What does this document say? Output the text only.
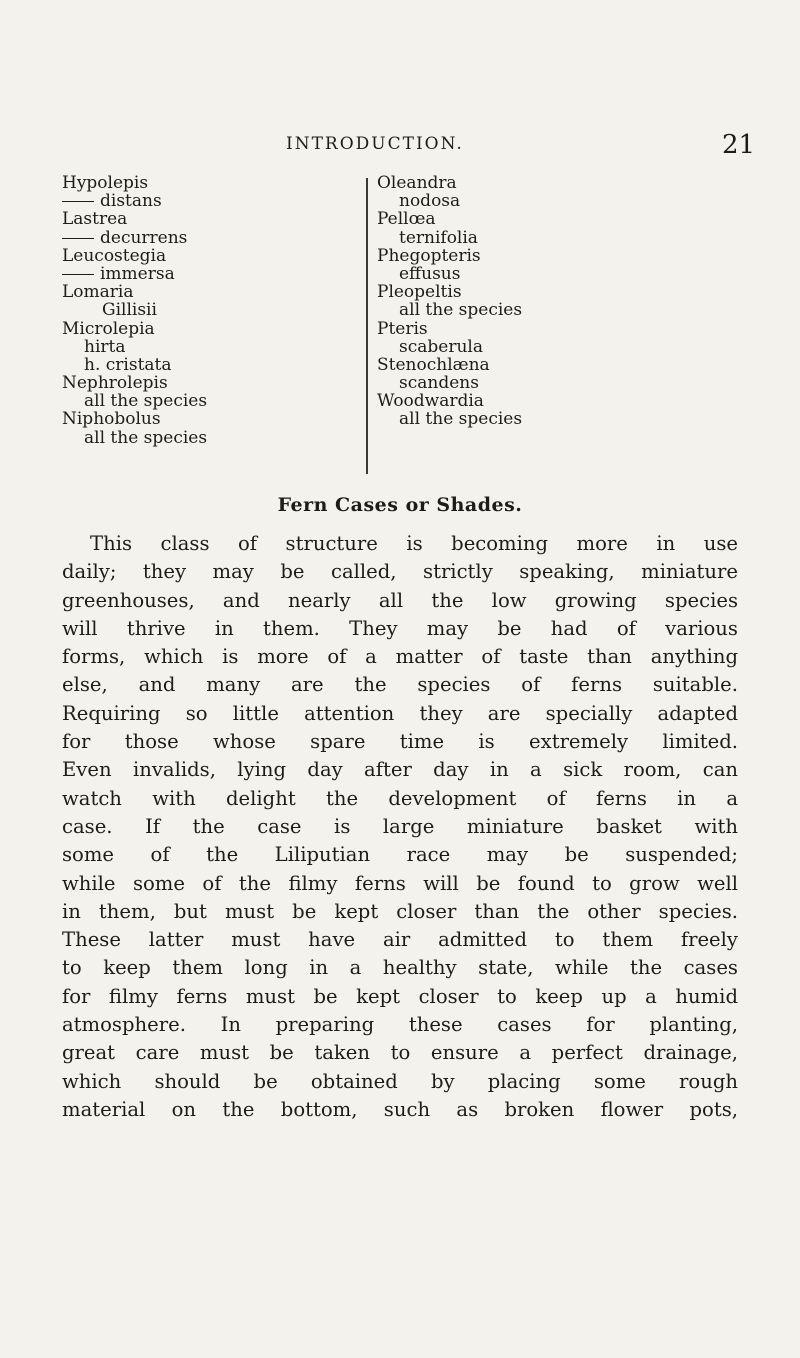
INTRODUCTION.	21
Hypolepis
distans
Lastrea
decurrens
Leucostegia
immersa
Lomaria
Gillisii
Microlepia
hirta
h. cristata
Nephrolepis
all the species
Niphobolus
all the species
Oleandra
nodosa
Pellœa
ternifolia
Phegopteris
effusus
Pleopeltis
all the species
Pteris
scaberula
Stenochlæna
scandens
Woodwardia
all the species
Fern Cases or Shades.
This class of structure is becoming more in use
daily; they may be called, strictly speaking, miniature
greenhouses, and nearly all the low growing species
will thrive in them. They may be had of various
forms, which is more of a matter of taste than anything
else, and many are the species of ferns suitable.
Requiring so little attention they are specially adapted
for those whose spare time is extremely limited.
Even invalids, lying day after day in a sick room, can
watch with delight the development of ferns in a
case. If the case is large miniature basket with
some of the Liliputian race may be suspended;
while some of the filmy ferns will be found to grow well
in them, but must be kept closer than the other species.
These latter must have air admitted to them freely
to keep them long in a healthy state, while the cases
for filmy ferns must be kept closer to keep up a humid
atmosphere. In preparing these cases for planting,
great care must be taken to ensure a perfect drainage,
which should be obtained by placing some rough
material on the bottom, such as broken flower pots,
